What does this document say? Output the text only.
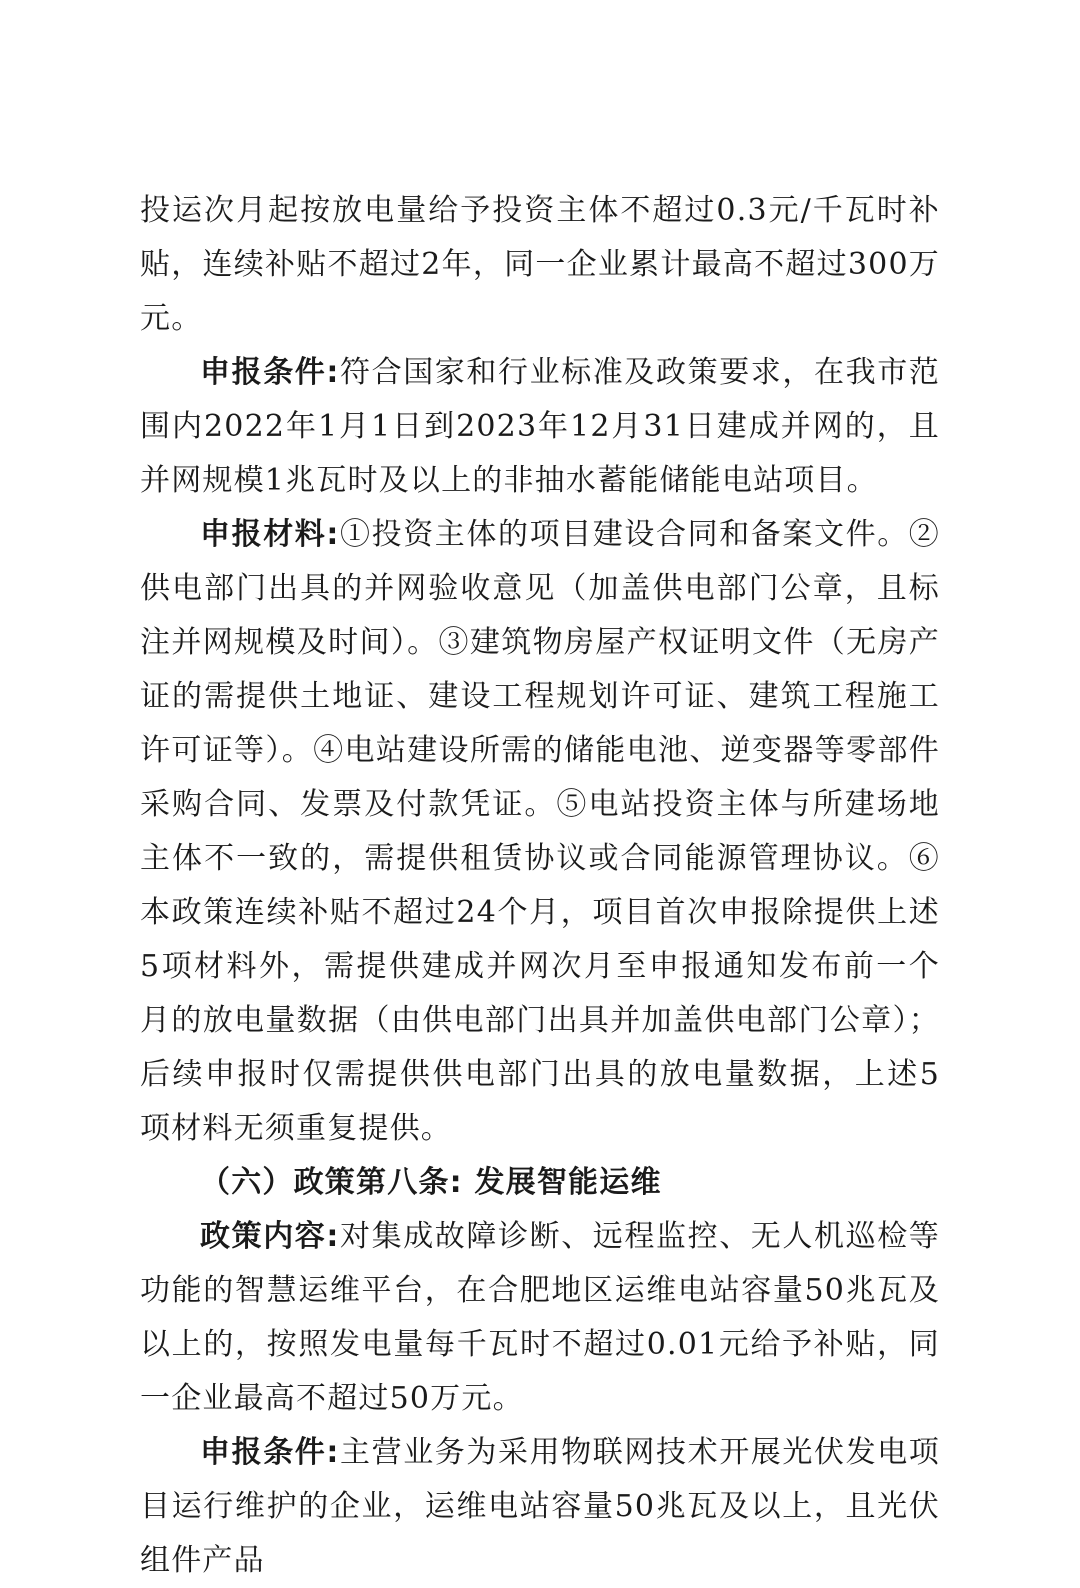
投运次月起按放电量给予投资主体不超过0.3元/千瓦时补贴，连续补贴不超过2年，同一企业累计最高不超过300万元。

申报条件:符合国家和行业标准及政策要求，在我市范围内2022年1月1日到2023年12月31日建成并网的，且并网规模1兆瓦时及以上的非抽水蓄能储能电站项目。

申报材料:①投资主体的项目建设合同和备案文件。②供电部门出具的并网验收意见（加盖供电部门公章，且标注并网规模及时间）。③建筑物房屋产权证明文件（无房产证的需提供土地证、建设工程规划许可证、建筑工程施工许可证等）。④电站建设所需的储能电池、逆变器等零部件采购合同、发票及付款凭证。⑤电站投资主体与所建场地主体不一致的，需提供租赁协议或合同能源管理协议。⑥本政策连续补贴不超过24个月，项目首次申报除提供上述5项材料外，需提供建成并网次月至申报通知发布前一个月的放电量数据（由供电部门出具并加盖供电部门公章）；后续申报时仅需提供供电部门出具的放电量数据，上述5项材料无须重复提供。

（六）政策第八条: 发展智能运维

政策内容:对集成故障诊断、远程监控、无人机巡检等功能的智慧运维平台，在合肥地区运维电站容量50兆瓦及以上的，按照发电量每千瓦时不超过0.01元给予补贴，同一企业最高不超过50万元。

申报条件:主营业务为采用物联网技术开展光伏发电项目运行维护的企业，运维电站容量50兆瓦及以上，且光伏组件产品
